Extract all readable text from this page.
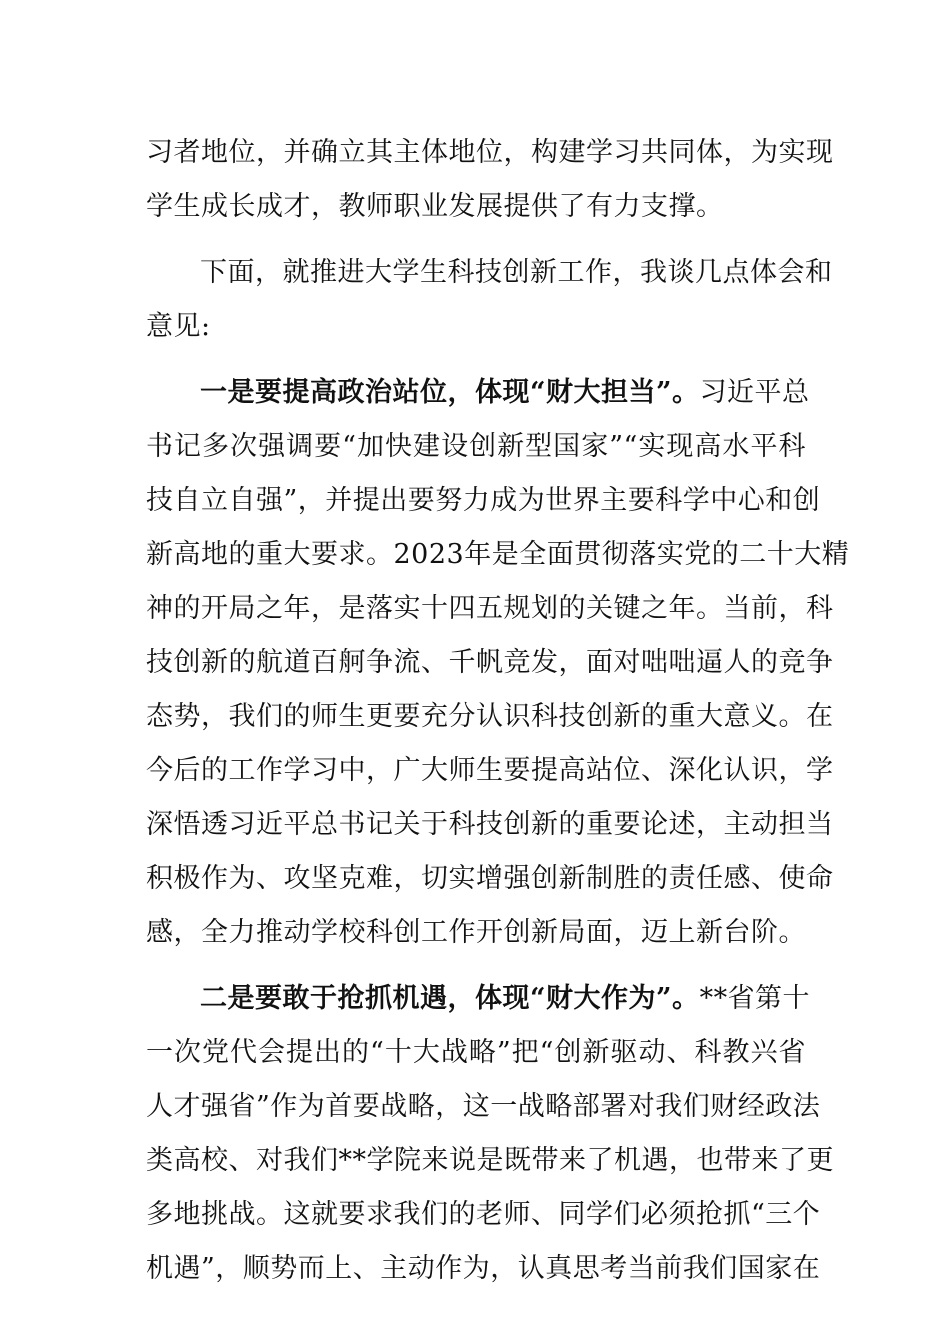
习者地位，并确立其主体地位，构建学习共同体，为实现
学生成长成才，教师职业发展提供了有力支撑。
下面，就推进大学生科技创新工作，我谈几点体会和
意见:
一是要提高政治站位，体现“财大担当”。习近平总
书记多次强调要“加快建设创新型国家”“实现高水平科
技自立自强”，并提出要努力成为世界主要科学中心和创
新高地的重大要求。2023年是全面贯彻落实党的二十大精
神的开局之年，是落实十四五规划的关键之年。当前，科
技创新的航道百舸争流、千帆竞发，面对咄咄逼人的竞争
态势，我们的师生更要充分认识科技创新的重大意义。在
今后的工作学习中，广大师生要提高站位、深化认识，学
深悟透习近平总书记关于科技创新的重要论述，主动担当
积极作为、攻坚克难，切实增强创新制胜的责任感、使命
感，全力推动学校科创工作开创新局面，迈上新台阶。
二是要敢于抢抓机遇，体现“财大作为”。**省第十
一次党代会提出的“十大战略”把“创新驱动、科教兴省
人才强省”作为首要战略，这一战略部署对我们财经政法
类高校、对我们**学院来说是既带来了机遇，也带来了更
多地挑战。这就要求我们的老师、同学们必须抢抓“三个
机遇”，顺势而上、主动作为，认真思考当前我们国家在
